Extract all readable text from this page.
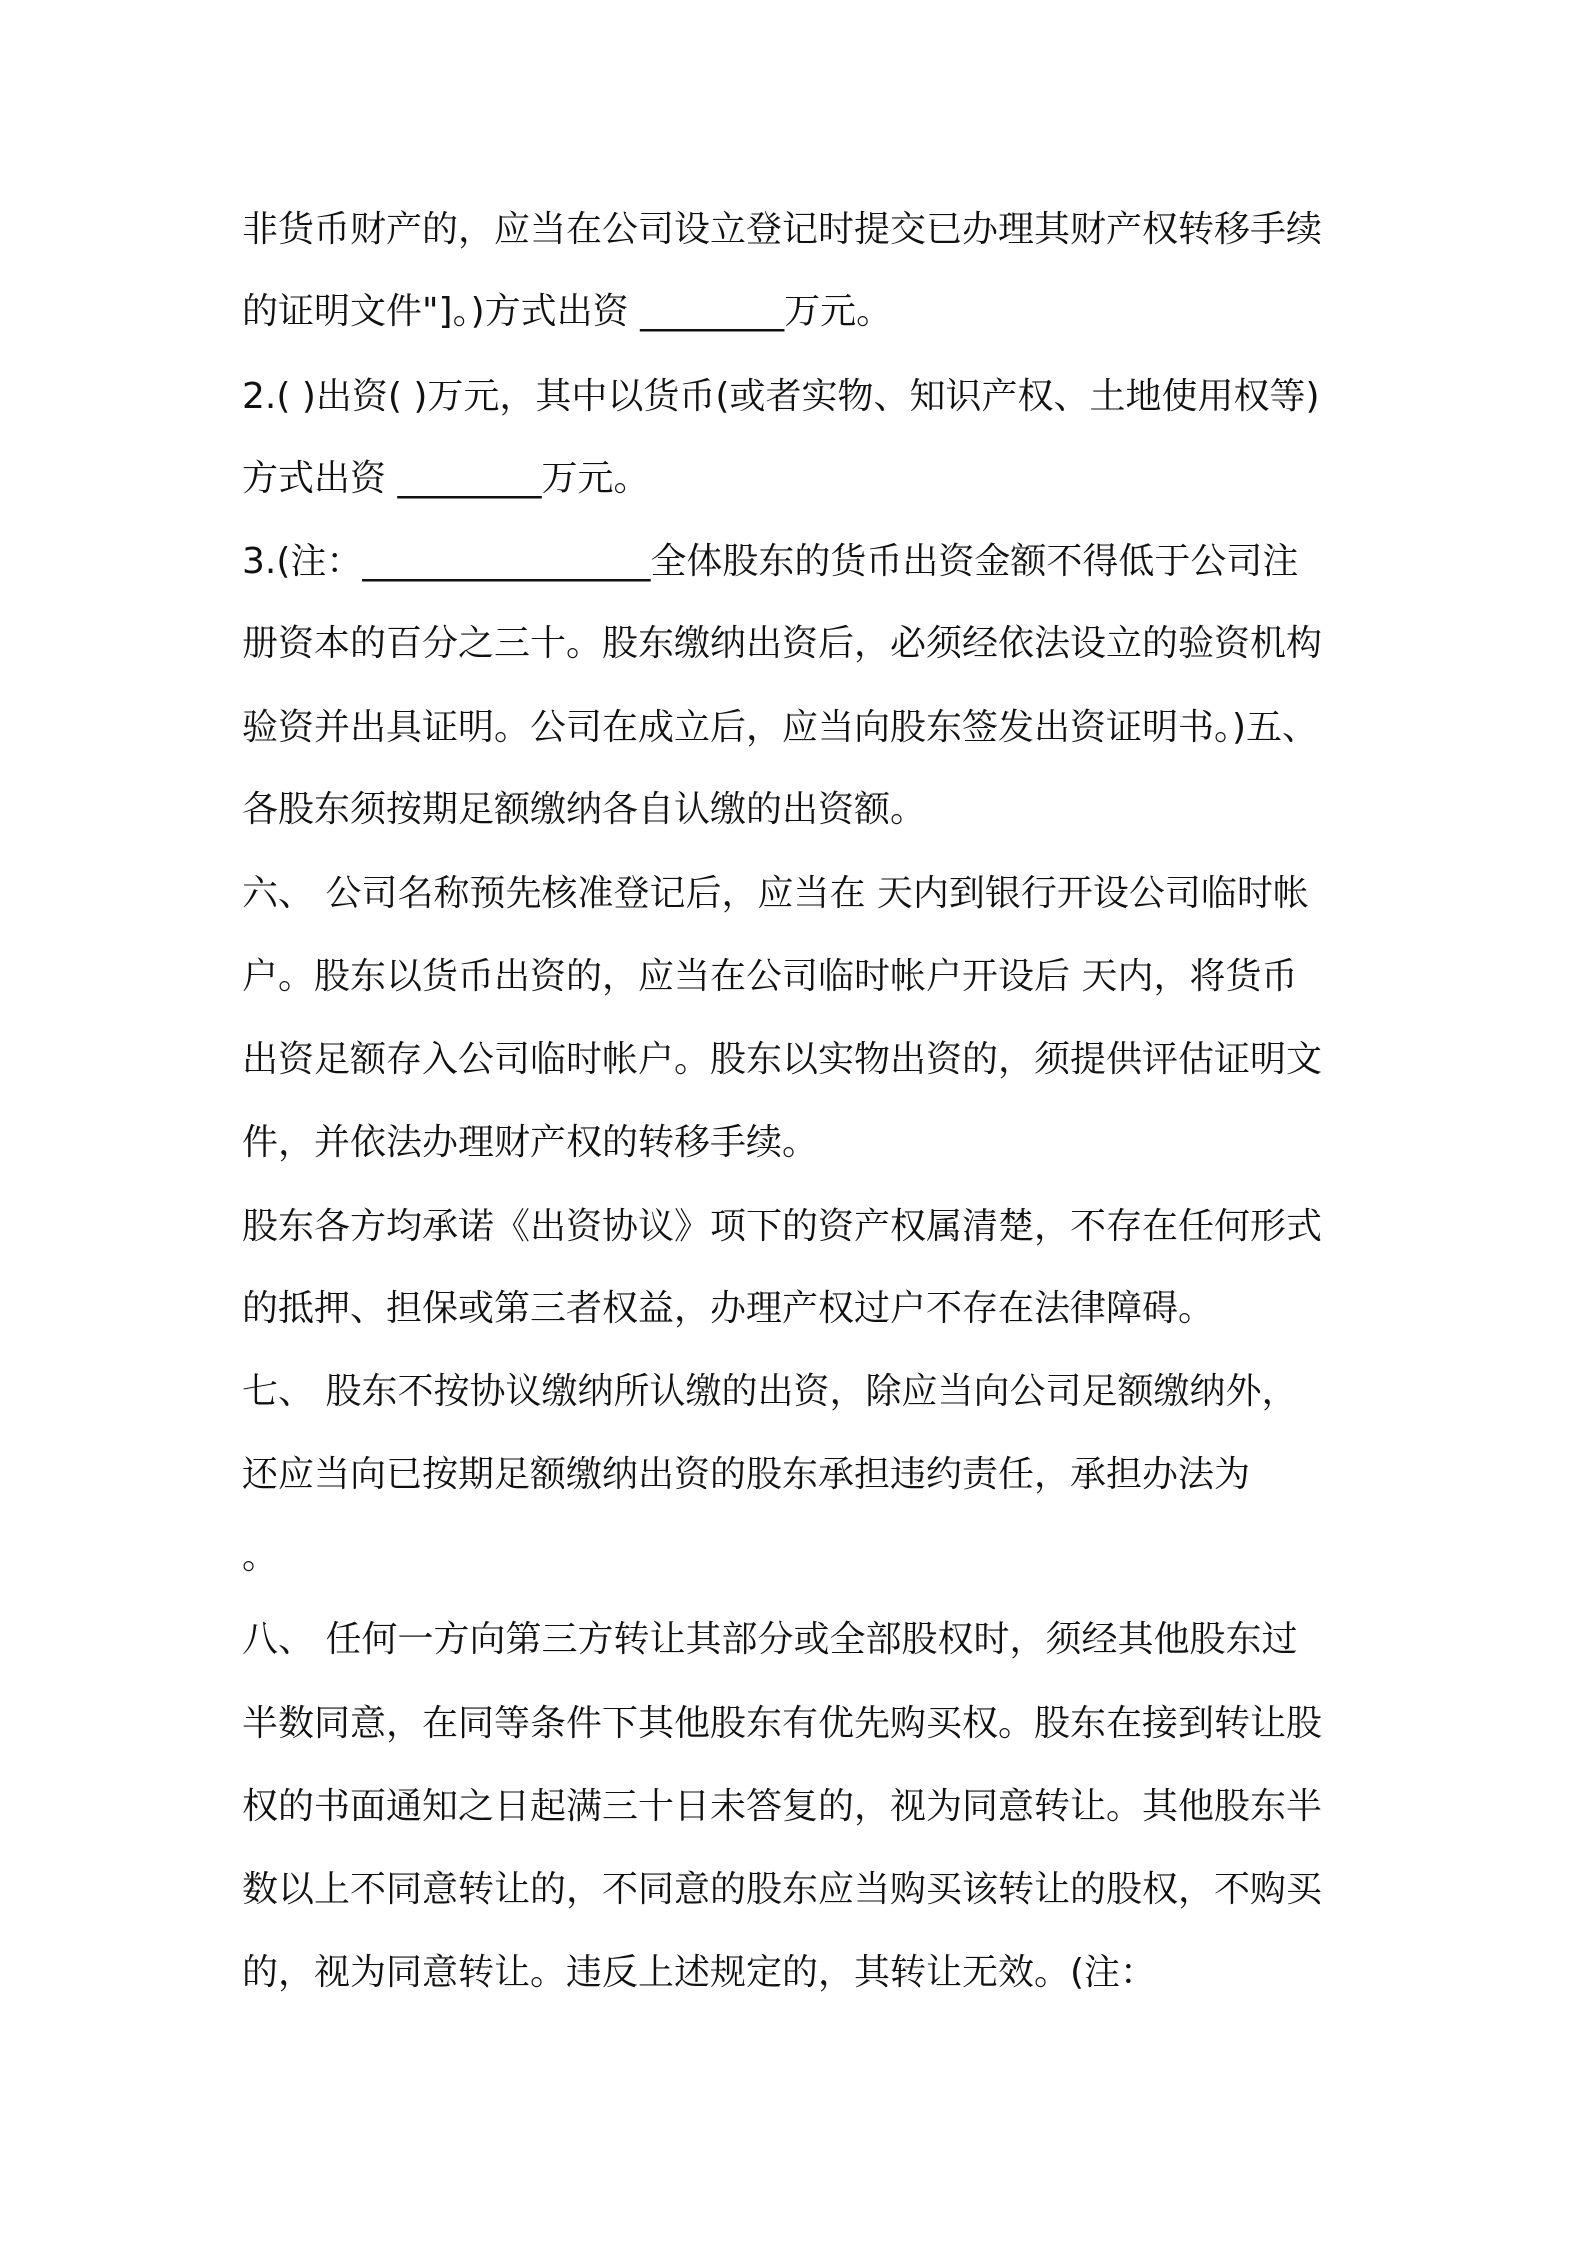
非货币财产的，应当在公司设立登记时提交已办理其财产权转移手续
的证明文件"]。)方式出资 ________万元。
2.( )出资( )万元，其中以货币(或者实物、知识产权、土地使用权等)
方式出资 ________万元。
3.(注：________________全体股东的货币出资金额不得低于公司注
册资本的百分之三十。股东缴纳出资后，必须经依法设立的验资机构
验资并出具证明。公司在成立后，应当向股东签发出资证明书。)五、
各股东须按期足额缴纳各自认缴的出资额。
六、 公司名称预先核准登记后，应当在 天内到银行开设公司临时帐
户。股东以货币出资的，应当在公司临时帐户开设后 天内，将货币
出资足额存入公司临时帐户。股东以实物出资的，须提供评估证明文
件，并依法办理财产权的转移手续。
股东各方均承诺《出资协议》项下的资产权属清楚，不存在任何形式
的抵押、担保或第三者权益，办理产权过户不存在法律障碍。
七、 股东不按协议缴纳所认缴的出资，除应当向公司足额缴纳外，
还应当向已按期足额缴纳出资的股东承担违约责任，承担办法为
。
八、 任何一方向第三方转让其部分或全部股权时，须经其他股东过
半数同意，在同等条件下其他股东有优先购买权。股东在接到转让股
权的书面通知之日起满三十日未答复的，视为同意转让。其他股东半
数以上不同意转让的，不同意的股东应当购买该转让的股权，不购买
的，视为同意转让。违反上述规定的，其转让无效。(注：
